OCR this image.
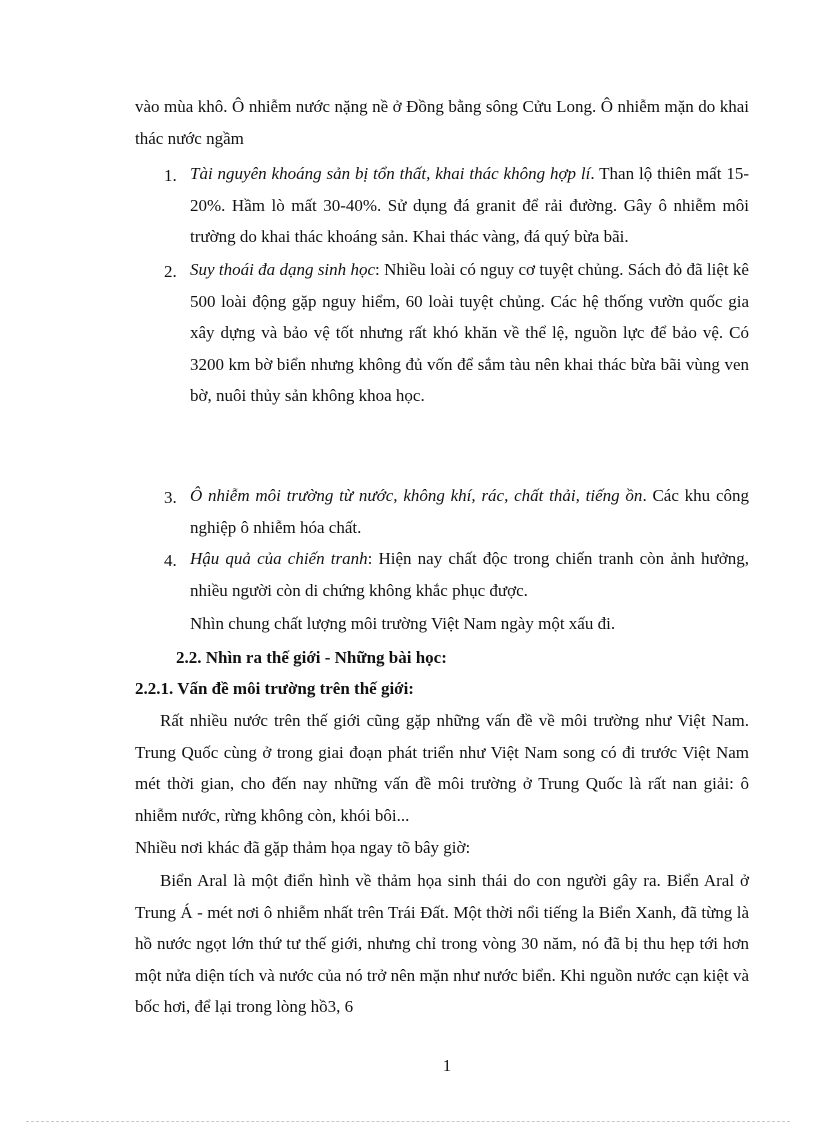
vào mùa khô. Ô nhiễm nước nặng nề ở Đồng bằng sông Cửu Long. Ô nhiễm mặn do khai thác nước ngầm
1. Tài nguyên khoáng sản bị tổn thất, khai thác không hợp lí. Than lộ thiên mất 15-20%. Hầm lò mất 30-40%. Sử dụng đá granit để rải đường. Gây ô nhiễm môi trường do khai thác khoáng sản. Khai thác vàng, đá quý bừa bãi.
2. Suy thoái đa dạng sinh học: Nhiều loài có nguy cơ tuyệt chủng. Sách đỏ đã liệt kê 500 loài động gặp nguy hiểm, 60 loài tuyệt chủng. Các hệ thống vườn quốc gia xây dựng và bảo vệ tốt nhưng rất khó khăn về thể lệ, nguồn lực để bảo vệ. Có 3200 km bờ biển nhưng không đủ vốn để sắm tàu nên khai thác bừa bãi vùng ven bờ, nuôi thủy sản không khoa học.
3. Ô nhiễm môi trường từ nước, không khí, rác, chất thải, tiếng ồn. Các khu công nghiệp ô nhiễm hóa chất.
4. Hậu quả của chiến tranh: Hiện nay chất độc trong chiến tranh còn ảnh hưởng, nhiều người còn di chứng không khắc phục được.
Nhìn chung chất lượng môi trường Việt Nam ngày một xấu đi.
2.2. Nhìn ra thế giới - Những bài học:
2.2.1. Vấn đề môi trường trên thế giới:
Rất nhiều nước trên thế giới cũng gặp những vấn đề về môi trường như Việt Nam. Trung Quốc cùng ở trong giai đoạn phát triển như Việt Nam song có đi trước Việt Nam mét thời gian, cho đến nay những vấn đề môi trường ở Trung Quốc là rất nan giải: ô nhiễm nước, rừng không còn, khói bôi...
Nhiều nơi khác đã gặp thảm họa ngay tõ bây giờ:
Biển Aral là một điển hình về thảm họa sinh thái do con người gây ra. Biển Aral ở Trung Á - mét nơi ô nhiễm nhất trên Trái Đất. Một thời nổi tiếng la Biển Xanh, đã từng là hồ nước ngọt lớn thứ tư thế giới, nhưng chỉ trong vòng 30 năm, nó đã bị thu hẹp tới hơn một nửa diện tích và nước của nó trở nên mặn như nước biển. Khi nguồn nước cạn kiệt và bốc hơi, để lại trong lòng hồ3, 6
1
